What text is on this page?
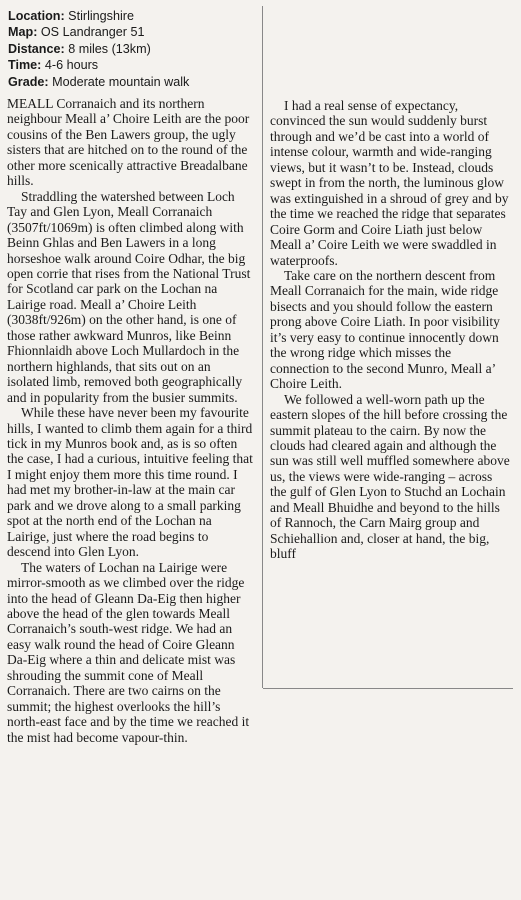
Location: Stirlingshire
Map: OS Landranger 51
Distance: 8 miles (13km)
Time: 4-6 hours
Grade: Moderate mountain walk

MEALL Corranaich and its northern neighbour Meall a’ Choire Leith are the poor cousins of the Ben Lawers group, the ugly sisters that are hitched on to the round of the other more scenically attractive Breadalbane hills.

Straddling the watershed between Loch Tay and Glen Lyon, Meall Corranaich (3507ft/1069m) is often climbed along with Beinn Ghlas and Ben Lawers in a long horseshoe walk around Coire Odhar, the big open corrie that rises from the National Trust for Scotland car park on the Lochan na Lairige road. Meall a’ Choire Leith (3038ft/926m) on the other hand, is one of those rather awkward Munros, like Beinn Fhionnlaidh above Loch Mullardoch in the northern highlands, that sits out on an isolated limb, removed both geographically and in popularity from the busier summits.

While these have never been my favourite hills, I wanted to climb them again for a third tick in my Munros book and, as is so often the case, I had a curious, intuitive feeling that I might enjoy them more this time round. I had met my brother-in-law at the main car park and we drove along to a small parking spot at the north end of the Lochan na Lairige, just where the road begins to descend into Glen Lyon.

The waters of Lochan na Lairige were mirror-smooth as we climbed over the ridge into the head of Gleann Da-Eig then higher above the head of the glen towards Meall Corranaich’s south-west ridge. We had an easy walk round the head of Coire Gleann Da-Eig where a thin and delicate mist was shrouding the summit cone of Meall Corranaich. There are two cairns on the summit; the highest overlooks the hill’s north-east face and by the time we reached it the mist had become vapour-thin.

I had a real sense of expectancy, convinced the sun would suddenly burst through and we’d be cast into a world of intense colour, warmth and wide-ranging views, but it wasn’t to be. Instead, clouds swept in from the north, the luminous glow was extinguished in a shroud of grey and by the time we reached the ridge that separates Coire Gorm and Coire Liath just below Meall a’ Coire Leith we were swaddled in waterproofs.

Take care on the northern descent from Meall Corranaich for the main, wide ridge bisects and you should follow the eastern prong above Coire Liath. In poor visibility it’s very easy to continue innocently down the wrong ridge which misses the connection to the second Munro, Meall a’ Choire Leith.

We followed a well-worn path up the eastern slopes of the hill before crossing the summit plateau to the cairn. By now the clouds had cleared again and although the sun was still well muffled somewhere above us, the views were wide-ranging – across the gulf of Glen Lyon to Stuchd an Lochain and Meall Bhuidhe and beyond to the hills of Rannoch, the Carn Mairg group and Schiehallion and, closer at hand, the big, bluff
